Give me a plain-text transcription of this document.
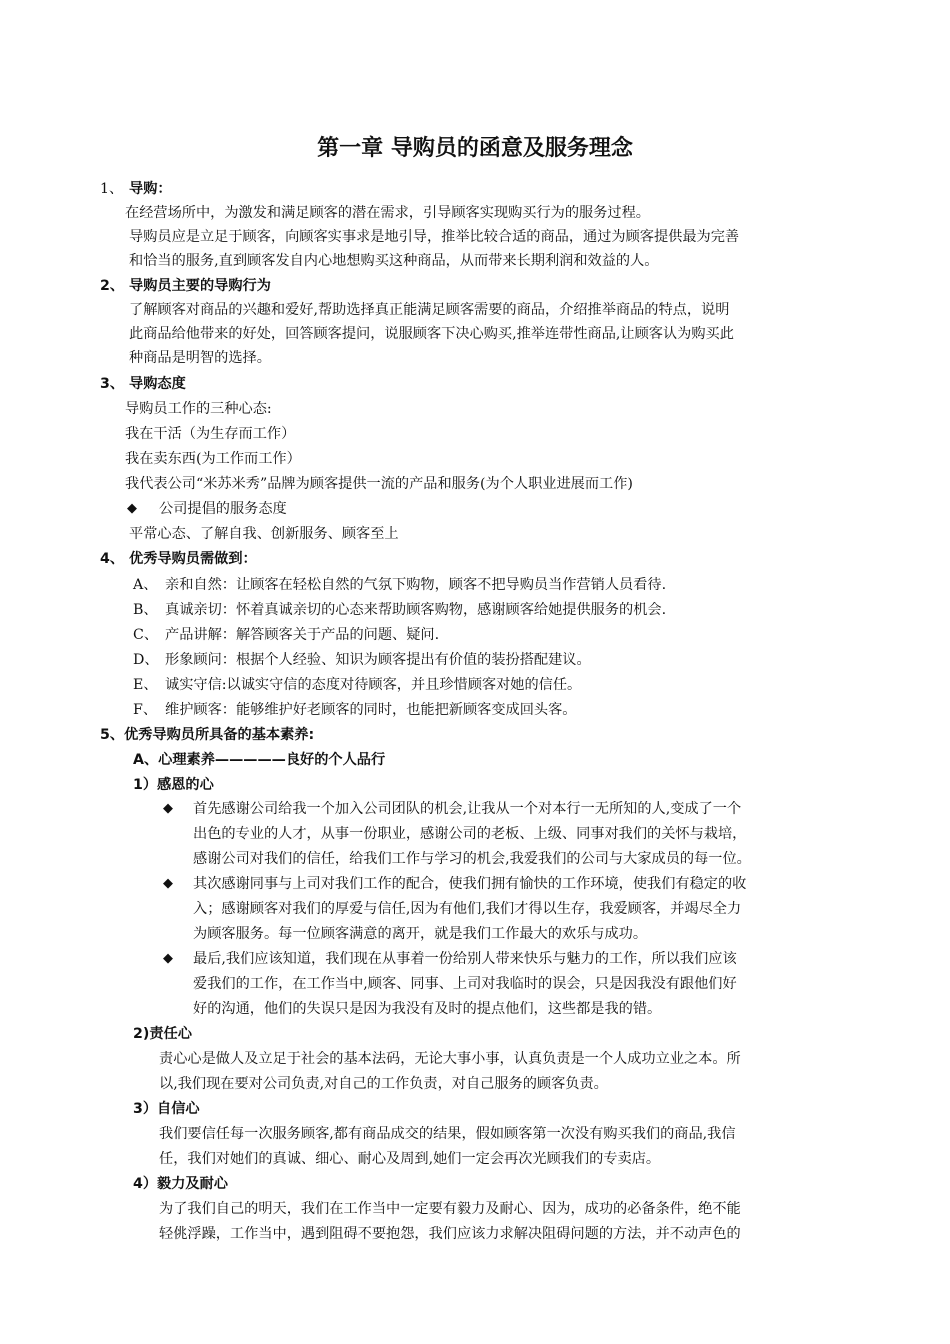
第一章 导购员的函意及服务理念
1、 导购：
在经营场所中，为激发和满足顾客的潜在需求，引导顾客实现购买行为的服务过程。
导购员应是立足于顾客，向顾客实事求是地引导，推举比较合适的商品，通过为顾客提供最为完善
和恰当的服务,直到顾客发自内心地想购买这种商品，从而带来长期利润和效益的人。
2、 导购员主要的导购行为
了解顾客对商品的兴趣和爱好,帮助选择真正能满足顾客需要的商品，介绍推举商品的特点，说明
此商品给他带来的好处，回答顾客提问，说服顾客下决心购买,推举连带性商品,让顾客认为购买此
种商品是明智的选择。
3、 导购态度
导购员工作的三种心态:
我在干活（为生存而工作）
我在卖东西(为工作而工作）
我代表公司“米苏米秀”品牌为顾客提供一流的产品和服务(为个人职业进展而工作)
◆ 公司提倡的服务态度
平常心态、了解自我、创新服务、顾客至上
4、 优秀导购员需做到：
A、 亲和自然：让顾客在轻松自然的气氛下购物，顾客不把导购员当作营销人员看待.
B、 真诚亲切：怀着真诚亲切的心态来帮助顾客购物，感谢顾客给她提供服务的机会.
C、 产品讲解：解答顾客关于产品的问题、疑问.
D、 形象顾问：根据个人经验、知识为顾客提出有价值的装扮搭配建议。
E、 诚实守信:以诚实守信的态度对待顾客，并且珍惜顾客对她的信任。
F、 维护顾客：能够维护好老顾客的同时，也能把新顾客变成回头客。
5、优秀导购员所具备的基本素养:
A、心理素养—————良好的个人品行
1）感恩的心
◆ 首先感谢公司给我一个加入公司团队的机会,让我从一个对本行一无所知的人,变成了一个
出色的专业的人才，从事一份职业，感谢公司的老板、上级、同事对我们的关怀与栽培，
感谢公司对我们的信任，给我们工作与学习的机会,我爱我们的公司与大家成员的每一位。
◆ 其次感谢同事与上司对我们工作的配合，使我们拥有愉快的工作环境，使我们有稳定的收
入；感谢顾客对我们的厚爱与信任,因为有他们,我们才得以生存，我爱顾客，并竭尽全力
为顾客服务。每一位顾客满意的离开，就是我们工作最大的欢乐与成功。
◆ 最后,我们应该知道，我们现在从事着一份给别人带来快乐与魅力的工作，所以我们应该
爱我们的工作，在工作当中,顾客、同事、上司对我临时的误会，只是因我没有跟他们好
好的沟通，他们的失误只是因为我没有及时的提点他们，这些都是我的错。
2)责任心
责心心是做人及立足于社会的基本法码，无论大事小事，认真负责是一个人成功立业之本。所
以,我们现在要对公司负责,对自己的工作负责，对自己服务的顾客负责。
3）自信心
我们要信任每一次服务顾客,都有商品成交的结果，假如顾客第一次没有购买我们的商品,我信
任，我们对她们的真诚、细心、耐心及周到,她们一定会再次光顾我们的专卖店。
4）毅力及耐心
为了我们自己的明天，我们在工作当中一定要有毅力及耐心、因为，成功的必备条件，绝不能
轻佻浮躁，工作当中，遇到阻碍不要抱怨，我们应该力求解决阻碍问题的方法，并不动声色的
